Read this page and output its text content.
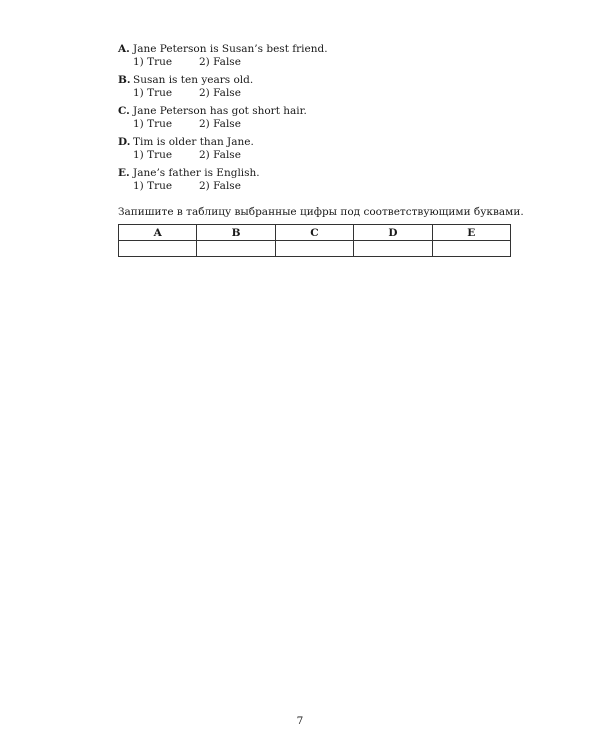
A. Jane Peterson is Susan’s best friend.
1) True	2) False
B. Susan is ten years old.
1) True	2) False
C. Jane Peterson has got short hair.
1) True	2) False
D. Tim is older than Jane.
1) True	2) False
E. Jane’s father is English.
1) True	2) False
Запишите в таблицу выбранные цифры под соответствующими буквами.
A	B	C	D	E

7
